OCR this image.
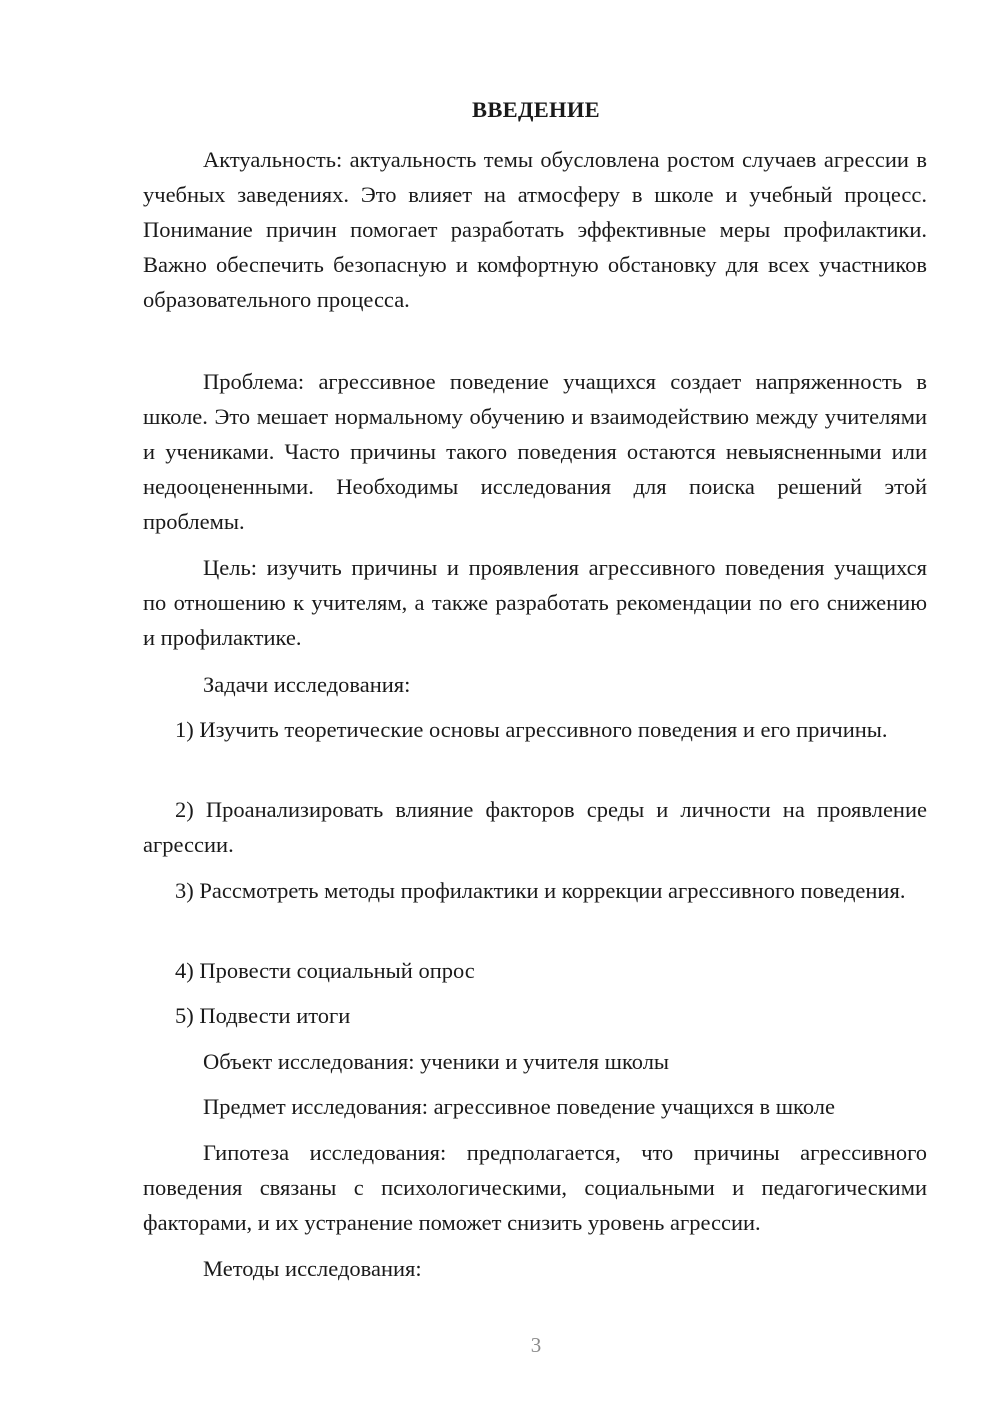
ВВЕДЕНИЕ

Актуальность: актуальность темы обусловлена ростом случаев агрессии в учебных заведениях. Это влияет на атмосферу в школе и учебный процесс. Понимание причин помогает разработать эффективные меры профилактики. Важно обеспечить безопасную и комфортную обстановку для всех участников образовательного процесса.

Проблема: агрессивное поведение учащихся создает напряженность в школе. Это мешает нормальному обучению и взаимодействию между учителями и учениками. Часто причины такого поведения остаются невыясненными или недооцененными. Необходимы исследования для поиска решений этой проблемы.

Цель: изучить причины и проявления агрессивного поведения учащихся по отношению к учителям, а также разработать рекомендации по его снижению и профилактике.

Задачи исследования:

1) Изучить теоретические основы агрессивного поведения и его причины.

2) Проанализировать влияние факторов среды и личности на проявление агрессии.

3) Рассмотреть методы профилактики и коррекции агрессивного поведения.

4) Провести социальный опрос

5) Подвести итоги

Объект исследования: ученики и учителя школы

Предмет исследования: агрессивное поведение учащихся в школе

Гипотеза исследования: предполагается, что причины агрессивного поведения связаны с психологическими, социальными и педагогическими факторами, и их устранение поможет снизить уровень агрессии.

Методы исследования:

3
